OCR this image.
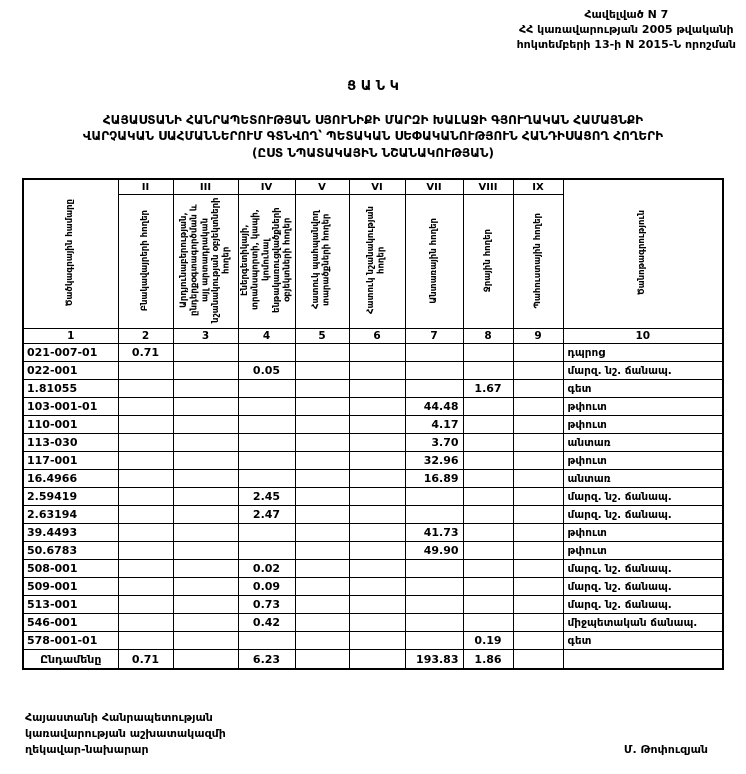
Հավելված N 7
ՀՀ կառավարության 2005 թվականի
հոկտեմբերի 13-ի N 2015-Ն որոշման
Ց Ա Ն Կ
ՀԱՅԱՍՏԱՆԻ ՀԱՆՐԱՊԵՏՈՒԹՅԱՆ ՍՅՈՒՆԻՔԻ ՄԱՐԶԻ ԽԱԼԱՋԻ ԳՅՈՒՂԱԿԱՆ ՀԱՄԱՅՆՔԻ
ՎԱՐՉԱԿԱՆ ՍԱՀՄԱՆՆԵՐՈՒՄ ԳՏՆՎՈՂ՝ ՊԵՏԱԿԱՆ ՍԵՓԱԿԱՆՈՒԹՅՈՒՆ ՀԱՆԴԻՍԱՑՈՂ ՀՈՂԵՐԻ
(ԸՍՏ ՆՊԱՏԱԿԱՅԻՆ ՆՇԱՆԱԿՈՒԹՅԱՆ)
Ծածկագրային համարը	II	III	IV	V	VI	VII	VIII	IX	Ծանոթագրություն
	Բնակավայրերի հողեր	Արդյունաբերության, ընդերքօգտագործման և այլ արտադրական նշանակության օբյեկտների հողեր	Էներգետիկայի, տրանսպորտի, կապի, կոմունալ ենթակառուցվածքների օբյեկտների հողեր	Հատուկ պահպանվող տարածքների հողեր	Հատուկ նշանակության հողեր	Անտառային հողեր	Ջրային հողեր	Պահուստային հողեր	
1	2	3	4	5	6	7	8	9	10
021-007-01	0.71								դպրոց
022-001			0.05						մարզ. նշ. ճանապ.
1.81055							1.67		գետ
103-001-01						44.48			թփուտ
110-001						4.17			թփուտ
113-030						3.70			անտառ
117-001						32.96			թփուտ
16.4966						16.89			անտառ
2.59419			2.45						մարզ. նշ. ճանապ.
2.63194			2.47						մարզ. նշ. ճանապ.
39.4493						41.73			թփուտ
50.6783						49.90			թփուտ
508-001			0.02						մարզ. նշ. ճանապ.
509-001			0.09						մարզ. նշ. ճանապ.
513-001			0.73						մարզ. նշ. ճանապ.
546-001			0.42						միջպետական ճանապ.
578-001-01							0.19		գետ
Ընդամենը	0.71		6.23			193.83	1.86		
Հայաստանի Հանրապետության
կառավարության աշխատակազմի
ղեկավար-նախարար	Մ. Թոփուզյան
